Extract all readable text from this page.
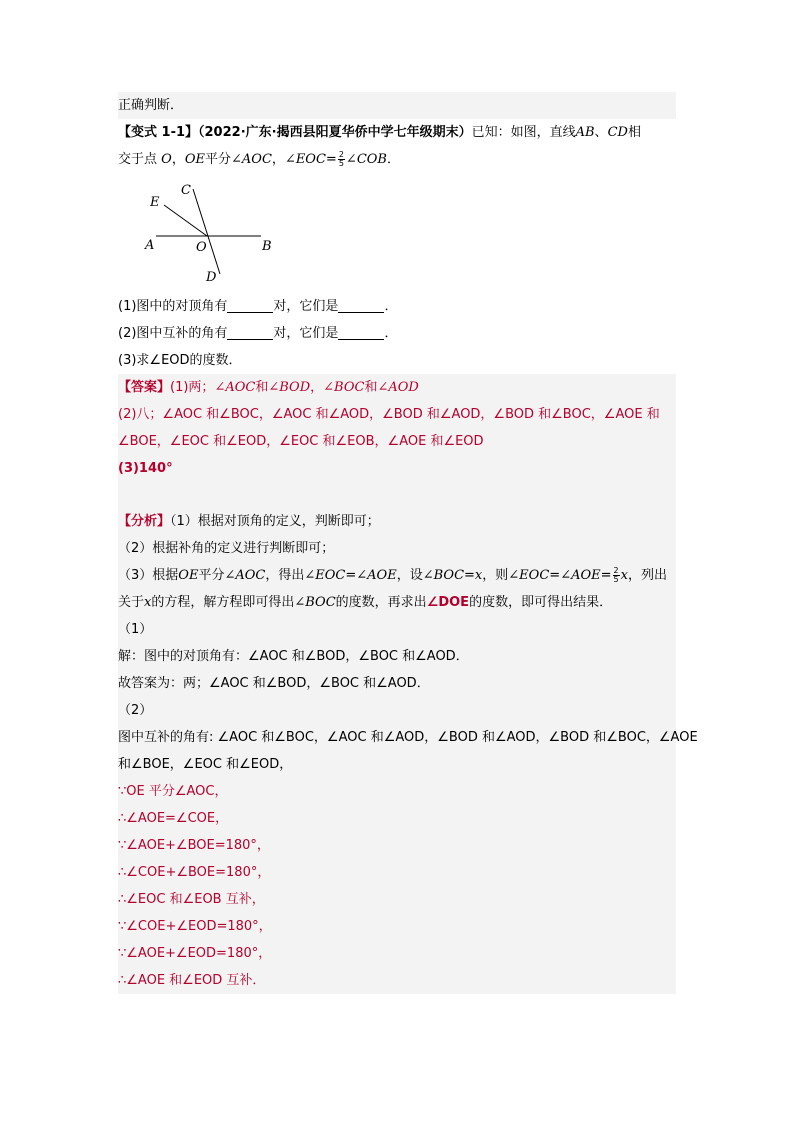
正确判断．
【变式 1-1】（2022·广东·揭西县阳夏华侨中学七年级期末）已知：如图，直线AB、CD相
交于点 O，OE平分∠AOC，∠EOC= $\frac{2}{5}$ ∠COB．
E
C
A	O	B
D
(1)图中的对顶角有	对，它们是	．
(2)图中互补的角有	对，它们是	．
(3)求∠EOD的度数．
【答案】(1)两；∠AOC和∠BOD，∠BOC和∠AOD
(2)八；∠AOC 和∠BOC，∠AOC 和∠AOD，∠BOD 和∠AOD，∠BOD 和∠BOC，∠AOE 和
∠BOE，∠EOC 和∠EOD，∠EOC 和∠EOB，∠AOE 和∠EOD
(3)140°
【分析】（1）根据对顶角的定义，判断即可；
（2）根据补角的定义进行判断即可；
（3）根据OE平分∠AOC，得出∠EOC=∠AOE，设∠BOC=x，则∠EOC=∠AOE= $\frac{2}{5}$ x，列出
关于x的方程，解方程即可得出∠BOC的度数，再求出∠DOE的度数，即可得出结果．
（1）
解：图中的对顶角有：∠AOC 和∠BOD，∠BOC 和∠AOD．
故答案为：两；∠AOC 和∠BOD，∠BOC 和∠AOD．
（2）
图中互补的角有: ∠AOC 和∠BOC，∠AOC 和∠AOD，∠BOD 和∠AOD，∠BOD 和∠BOC，∠AOE
和∠BOE，∠EOC 和∠EOD，
∵OE 平分∠AOC，
∴∠AOE=∠COE，
∵∠AOE+∠BOE=180°，
∴∠COE+∠BOE=180°，
∴∠EOC 和∠EOB 互补，
∵∠COE+∠EOD=180°，
∵∠AOE+∠EOD=180°，
∴∠AOE 和∠EOD 互补．
